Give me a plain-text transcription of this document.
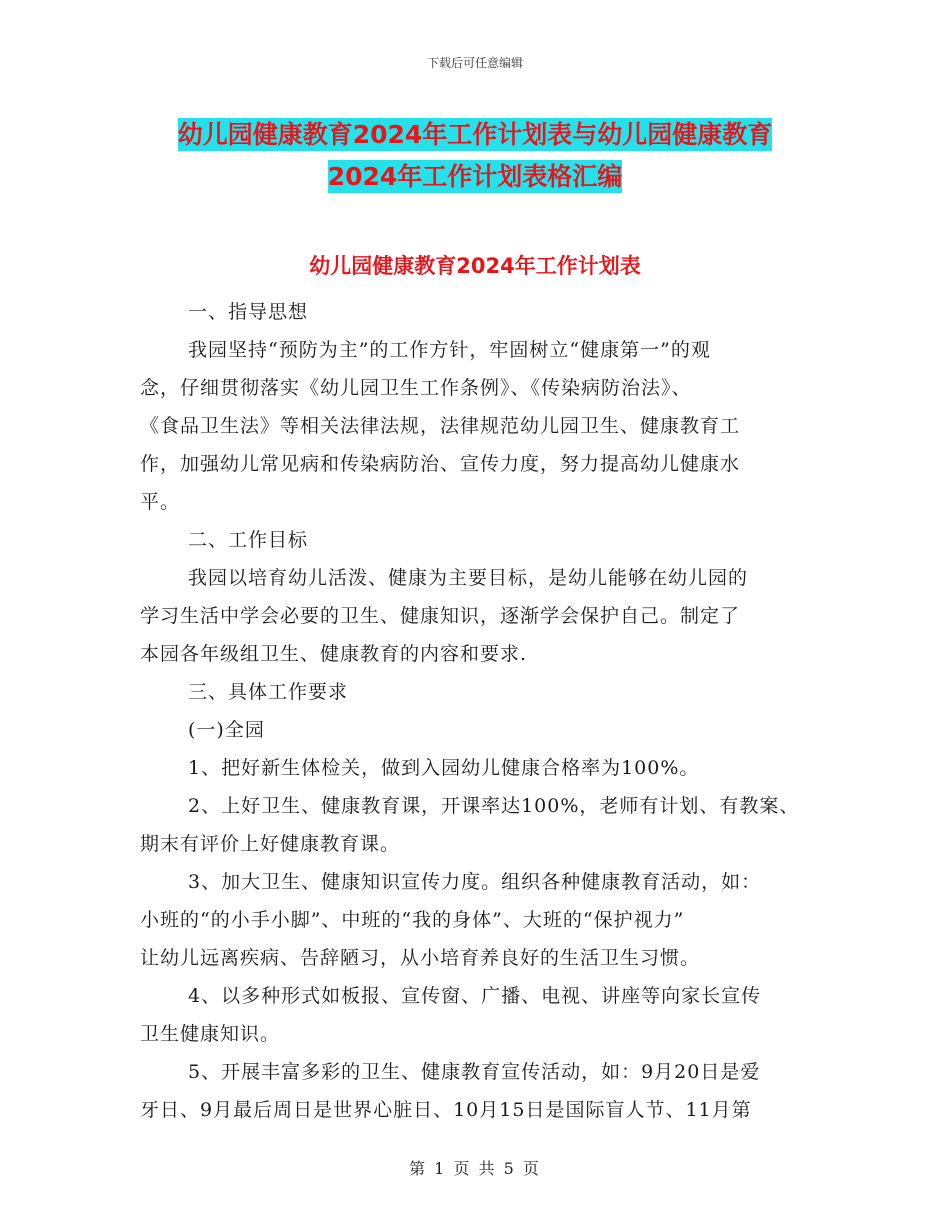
下载后可任意编辑
幼儿园健康教育2024年工作计划表与幼儿园健康教育
2024年工作计划表格汇编
幼儿园健康教育2024年工作计划表
一、指导思想
我园坚持“预防为主”的工作方针，牢固树立“健康第一”的观
念，仔细贯彻落实《幼儿园卫生工作条例》、《传染病防治法》、
《食品卫生法》等相关法律法规，法律规范幼儿园卫生、健康教育工
作，加强幼儿常见病和传染病防治、宣传力度，努力提高幼儿健康水
平。
二、工作目标
我园以培育幼儿活泼、健康为主要目标，是幼儿能够在幼儿园的
学习生活中学会必要的卫生、健康知识，逐渐学会保护自己。制定了
本园各年级组卫生、健康教育的内容和要求.
三、具体工作要求
(一)全园
1、把好新生体检关，做到入园幼儿健康合格率为100%。
2、上好卫生、健康教育课，开课率达100%，老师有计划、有教案、
期末有评价上好健康教育课。
3、加大卫生、健康知识宣传力度。组织各种健康教育活动，如：
小班的“的小手小脚”、中班的“我的身体”、大班的“保护视力”
让幼儿远离疾病、告辞陋习，从小培育养良好的生活卫生习惯。
4、以多种形式如板报、宣传窗、广播、电视、讲座等向家长宣传
卫生健康知识。
5、开展丰富多彩的卫生、健康教育宣传活动，如：9月20日是爱
牙日、9月最后周日是世界心脏日、10月15日是国际盲人节、11月第
第 1 页 共 5 页
